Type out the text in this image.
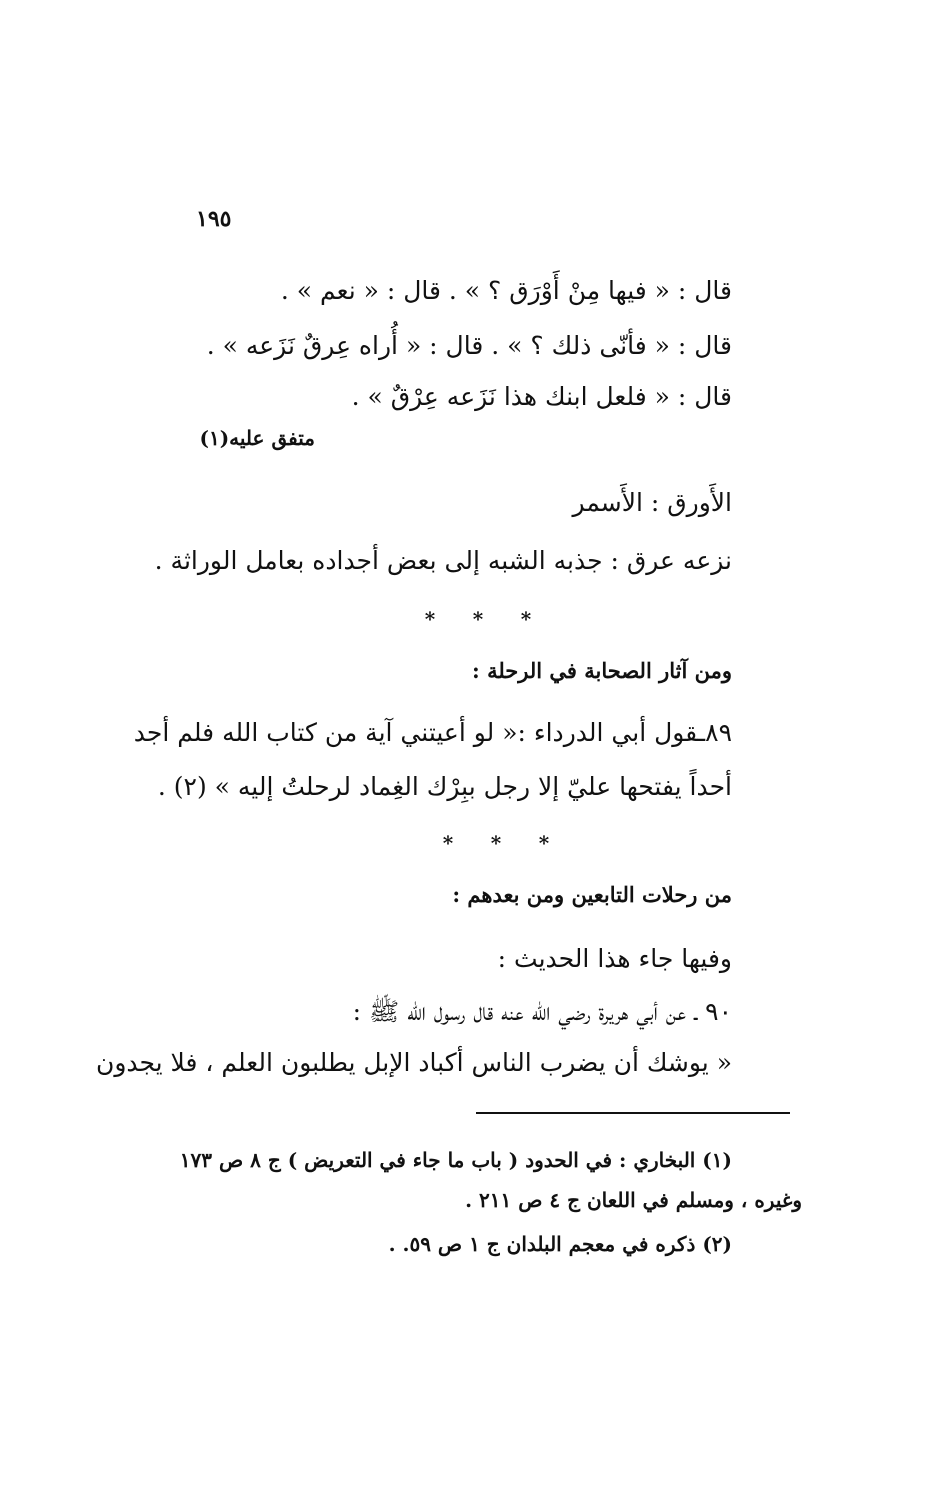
١٩٥
قال : « فيها مِنْ أَوْرَق ؟ » . قال : « نعم » .
قال : « فأنّى ذلك ؟ » . قال : « أُراه عِرقٌ نَزَعه » .
قال : « فلعل ابنك هذا نَزَعه عِرْقٌ » .
متفق عليه(١)
الأَورق : الأَسمر
نزعه عرق : جذبه الشبه إلى بعض أجداده بعامل الوراثة .
* * *
ومن آثار الصحابة في الرحلة :
٨٩ـقول أبي الدرداء :« لو أعيتني آية من كتاب الله فلم أجد
أحداً يفتحها عليّ إلا رجل ببِرْك الغِماد لرحلتُ إليه » (٢) .
* * *
من رحلات التابعين ومن بعدهم :
وفيها جاء هذا الحديث :
٩٠ ـ عن أبي هريرة رضي الله عنه قال رسول الله ﷺ :
« يوشك أن يضرب الناس أكباد الإبل يطلبون العلم ، فلا يجدون
(١) البخاري : في الحدود ( باب ما جاء في التعريض ) ج ٨ ص ١٧٣
وغيره ، ومسلم في اللعان ج ٤ ص ٢١١ .
(٢) ذكره في معجم البلدان ج ١ ص ٥٩. .
